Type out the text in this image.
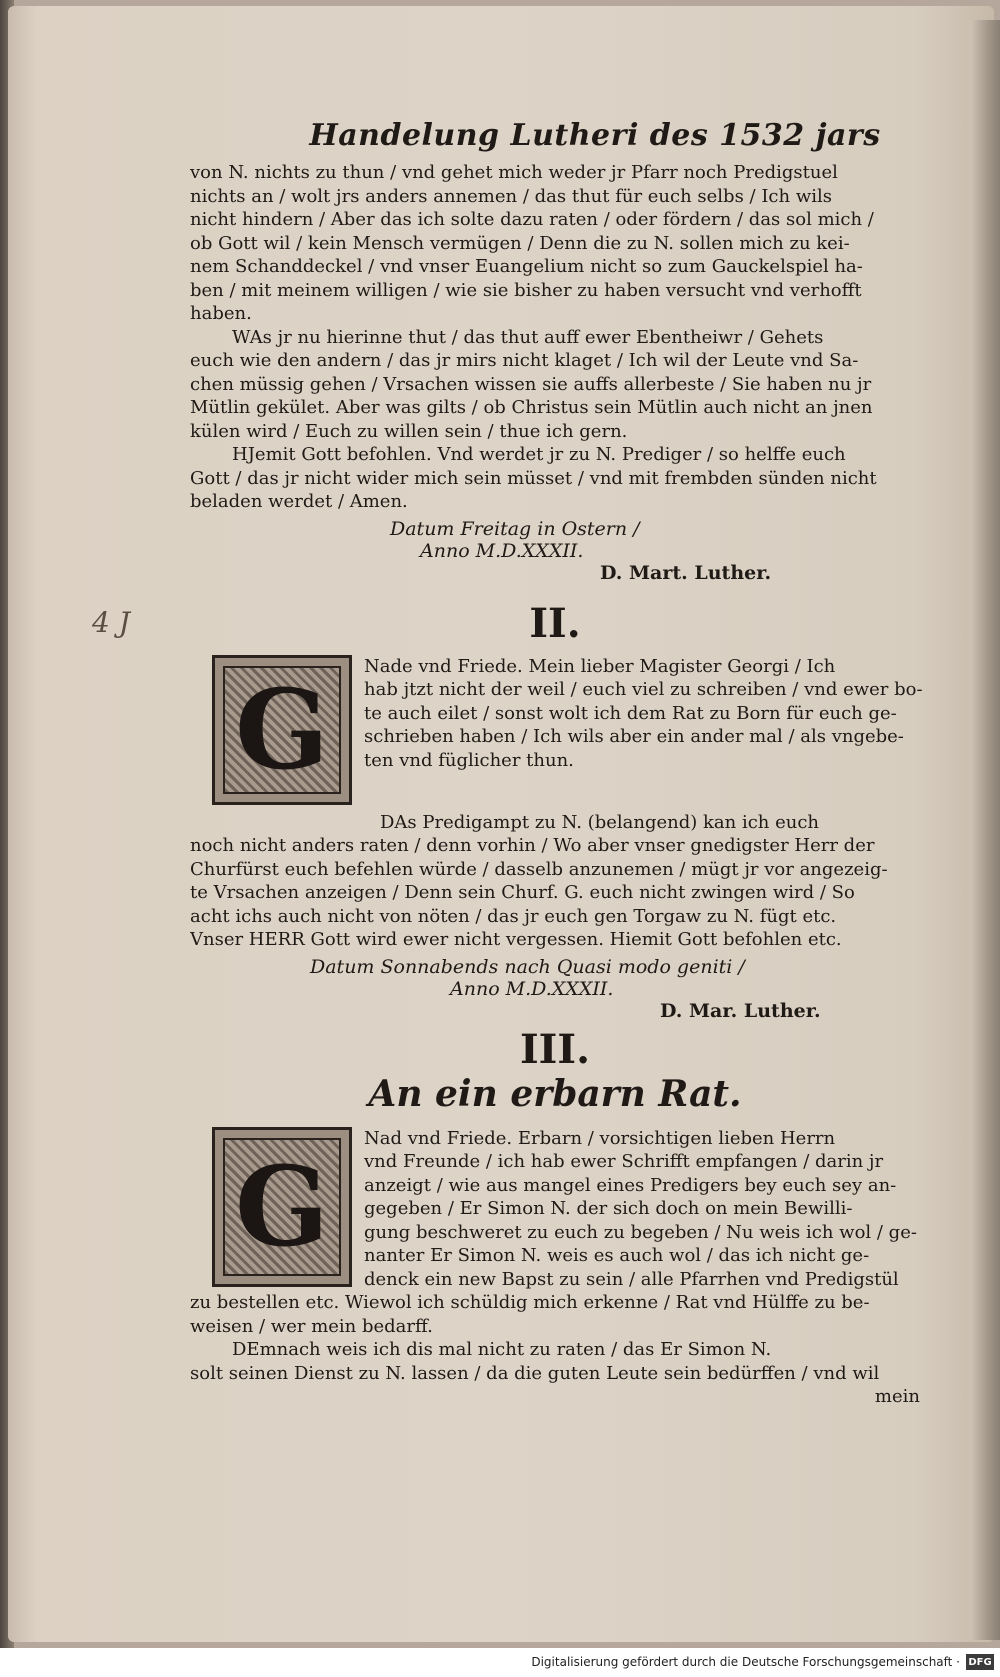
4 J
Handelung Lutheri des 1532 jars
von N. nichts zu thun / vnd gehet mich weder jr Pfarr noch Predigstuel
nichts an / wolt jrs anders annemen / das thut für euch selbs / Ich wils
nicht hindern / Aber das ich solte dazu raten / oder fördern / das sol mich /
ob Gott wil / kein Mensch vermügen / Denn die zu N. sollen mich zu kei-
nem Schanddeckel / vnd vnser Euangelium nicht so zum Gauckelspiel ha-
ben / mit meinem willigen / wie sie bisher zu haben versucht vnd verhofft
haben.
WAs jr nu hierinne thut / das thut auff ewer Ebentheiwr / Gehets
euch wie den andern / das jr mirs nicht klaget / Ich wil der Leute vnd Sa-
chen müssig gehen / Vrsachen wissen sie auffs allerbeste / Sie haben nu jr
Mütlin gekület. Aber was gilts / ob Christus sein Mütlin auch nicht an jnen
külen wird / Euch zu willen sein / thue ich gern.
HJemit Gott befohlen. Vnd werdet jr zu N. Prediger / so helffe euch
Gott / das jr nicht wider mich sein müsset / vnd mit frembden sünden nicht
beladen werdet / Amen.
Datum Freitag in Ostern /
Anno M.D.XXXII.
D. Mart. Luther.
II.
G	Nade vnd Friede. Mein lieber Magister Georgi / Ich
hab jtzt nicht der weil / euch viel zu schreiben / vnd ewer bo-
te auch eilet / sonst wolt ich dem Rat zu Born für euch ge-
schrieben haben / Ich wils aber ein ander mal / als vngebe-
ten vnd füglicher thun.
DAs Predigampt zu N. (belangend) kan ich euch
noch nicht anders raten / denn vorhin / Wo aber vnser gnedigster Herr der
Churfürst euch befehlen würde / dasselb anzunemen / mügt jr vor angezeig-
te Vrsachen anzeigen / Denn sein Churf. G. euch nicht zwingen wird / So
acht ichs auch nicht von nöten / das jr euch gen Torgaw zu N. fügt etc.
Vnser HERR Gott wird ewer nicht vergessen. Hiemit Gott befohlen etc.
Datum Sonnabends nach Quasi modo geniti /
Anno M.D.XXXII.
D. Mar. Luther.
III.
An ein erbarn Rat.
G
Nad vnd Friede. Erbarn / vorsichtigen lieben Herrn
vnd Freunde / ich hab ewer Schrifft empfangen / darin jr
anzeigt / wie aus mangel eines Predigers bey euch sey an-
gegeben / Er Simon N. der sich doch on mein Bewilli-
gung beschweret zu euch zu begeben / Nu weis ich wol / ge-
nanter Er Simon N. weis es auch wol / das ich nicht ge-
denck ein new Bapst zu sein / alle Pfarrhen vnd Predigstül
zu bestellen etc. Wiewol ich schüldig mich erkenne / Rat vnd Hülffe zu be-
weisen / wer mein bedarff.
DEmnach weis ich dis mal nicht zu raten / das Er Simon N.
solt seinen Dienst zu N. lassen / da die guten Leute sein bedürffen / vnd wil
mein
Digitalisierung gefördert durch die Deutsche Forschungsgemeinschaft · DFG
